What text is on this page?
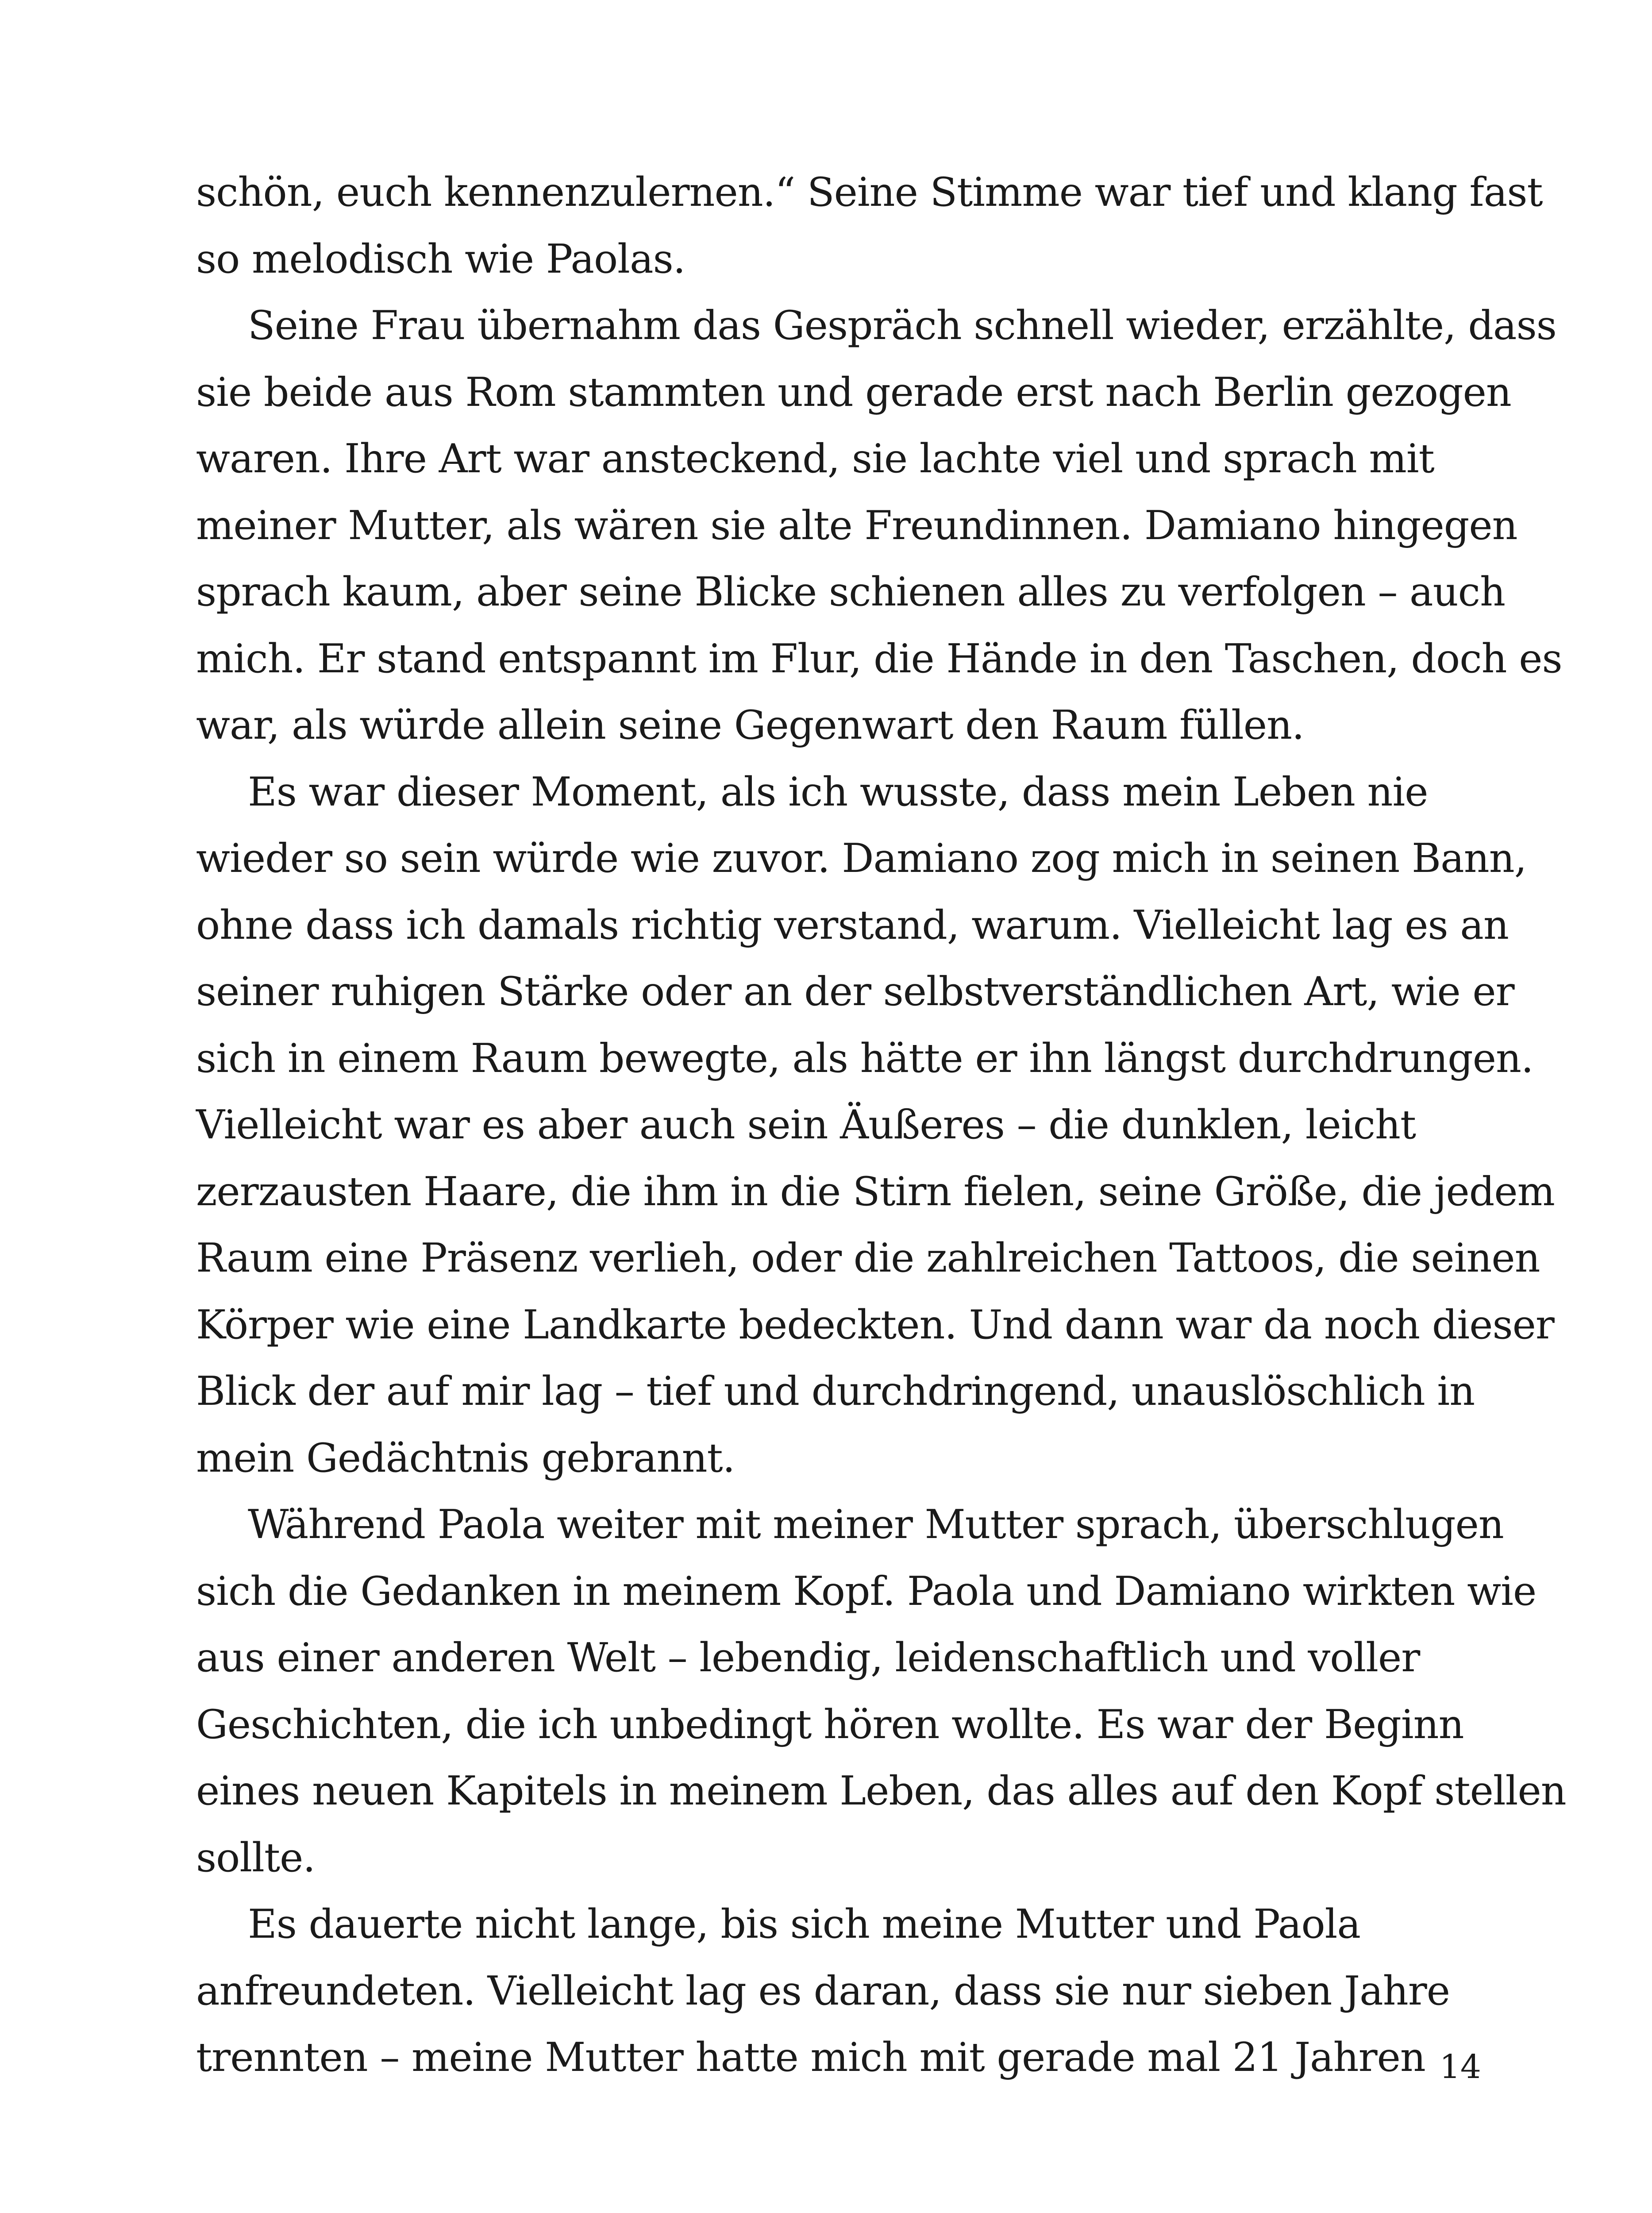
schön, euch kennenzulernen.“ Seine Stimme war tief und klang fast
so melodisch wie Paolas.
Seine Frau übernahm das Gespräch schnell wieder, erzählte, dass
sie beide aus Rom stammten und gerade erst nach Berlin gezogen
waren. Ihre Art war ansteckend, sie lachte viel und sprach mit
meiner Mutter, als wären sie alte Freundinnen. Damiano hingegen
sprach kaum, aber seine Blicke schienen alles zu verfolgen – auch
mich. Er stand entspannt im Flur, die Hände in den Taschen, doch es
war, als würde allein seine Gegenwart den Raum füllen.
Es war dieser Moment, als ich wusste, dass mein Leben nie
wieder so sein würde wie zuvor. Damiano zog mich in seinen Bann,
ohne dass ich damals richtig verstand, warum. Vielleicht lag es an
seiner ruhigen Stärke oder an der selbstverständlichen Art, wie er
sich in einem Raum bewegte, als hätte er ihn längst durchdrungen.
Vielleicht war es aber auch sein Äußeres – die dunklen, leicht
zerzausten Haare, die ihm in die Stirn fielen, seine Größe, die jedem
Raum eine Präsenz verlieh, oder die zahlreichen Tattoos, die seinen
Körper wie eine Landkarte bedeckten. Und dann war da noch dieser
Blick der auf mir lag – tief und durchdringend, unauslöschlich in
mein Gedächtnis gebrannt.
Während Paola weiter mit meiner Mutter sprach, überschlugen
sich die Gedanken in meinem Kopf. Paola und Damiano wirkten wie
aus einer anderen Welt – lebendig, leidenschaftlich und voller
Geschichten, die ich unbedingt hören wollte. Es war der Beginn
eines neuen Kapitels in meinem Leben, das alles auf den Kopf stellen
sollte.
Es dauerte nicht lange, bis sich meine Mutter und Paola
anfreundeten. Vielleicht lag es daran, dass sie nur sieben Jahre
trennten – meine Mutter hatte mich mit gerade mal 21 Jahren 14
